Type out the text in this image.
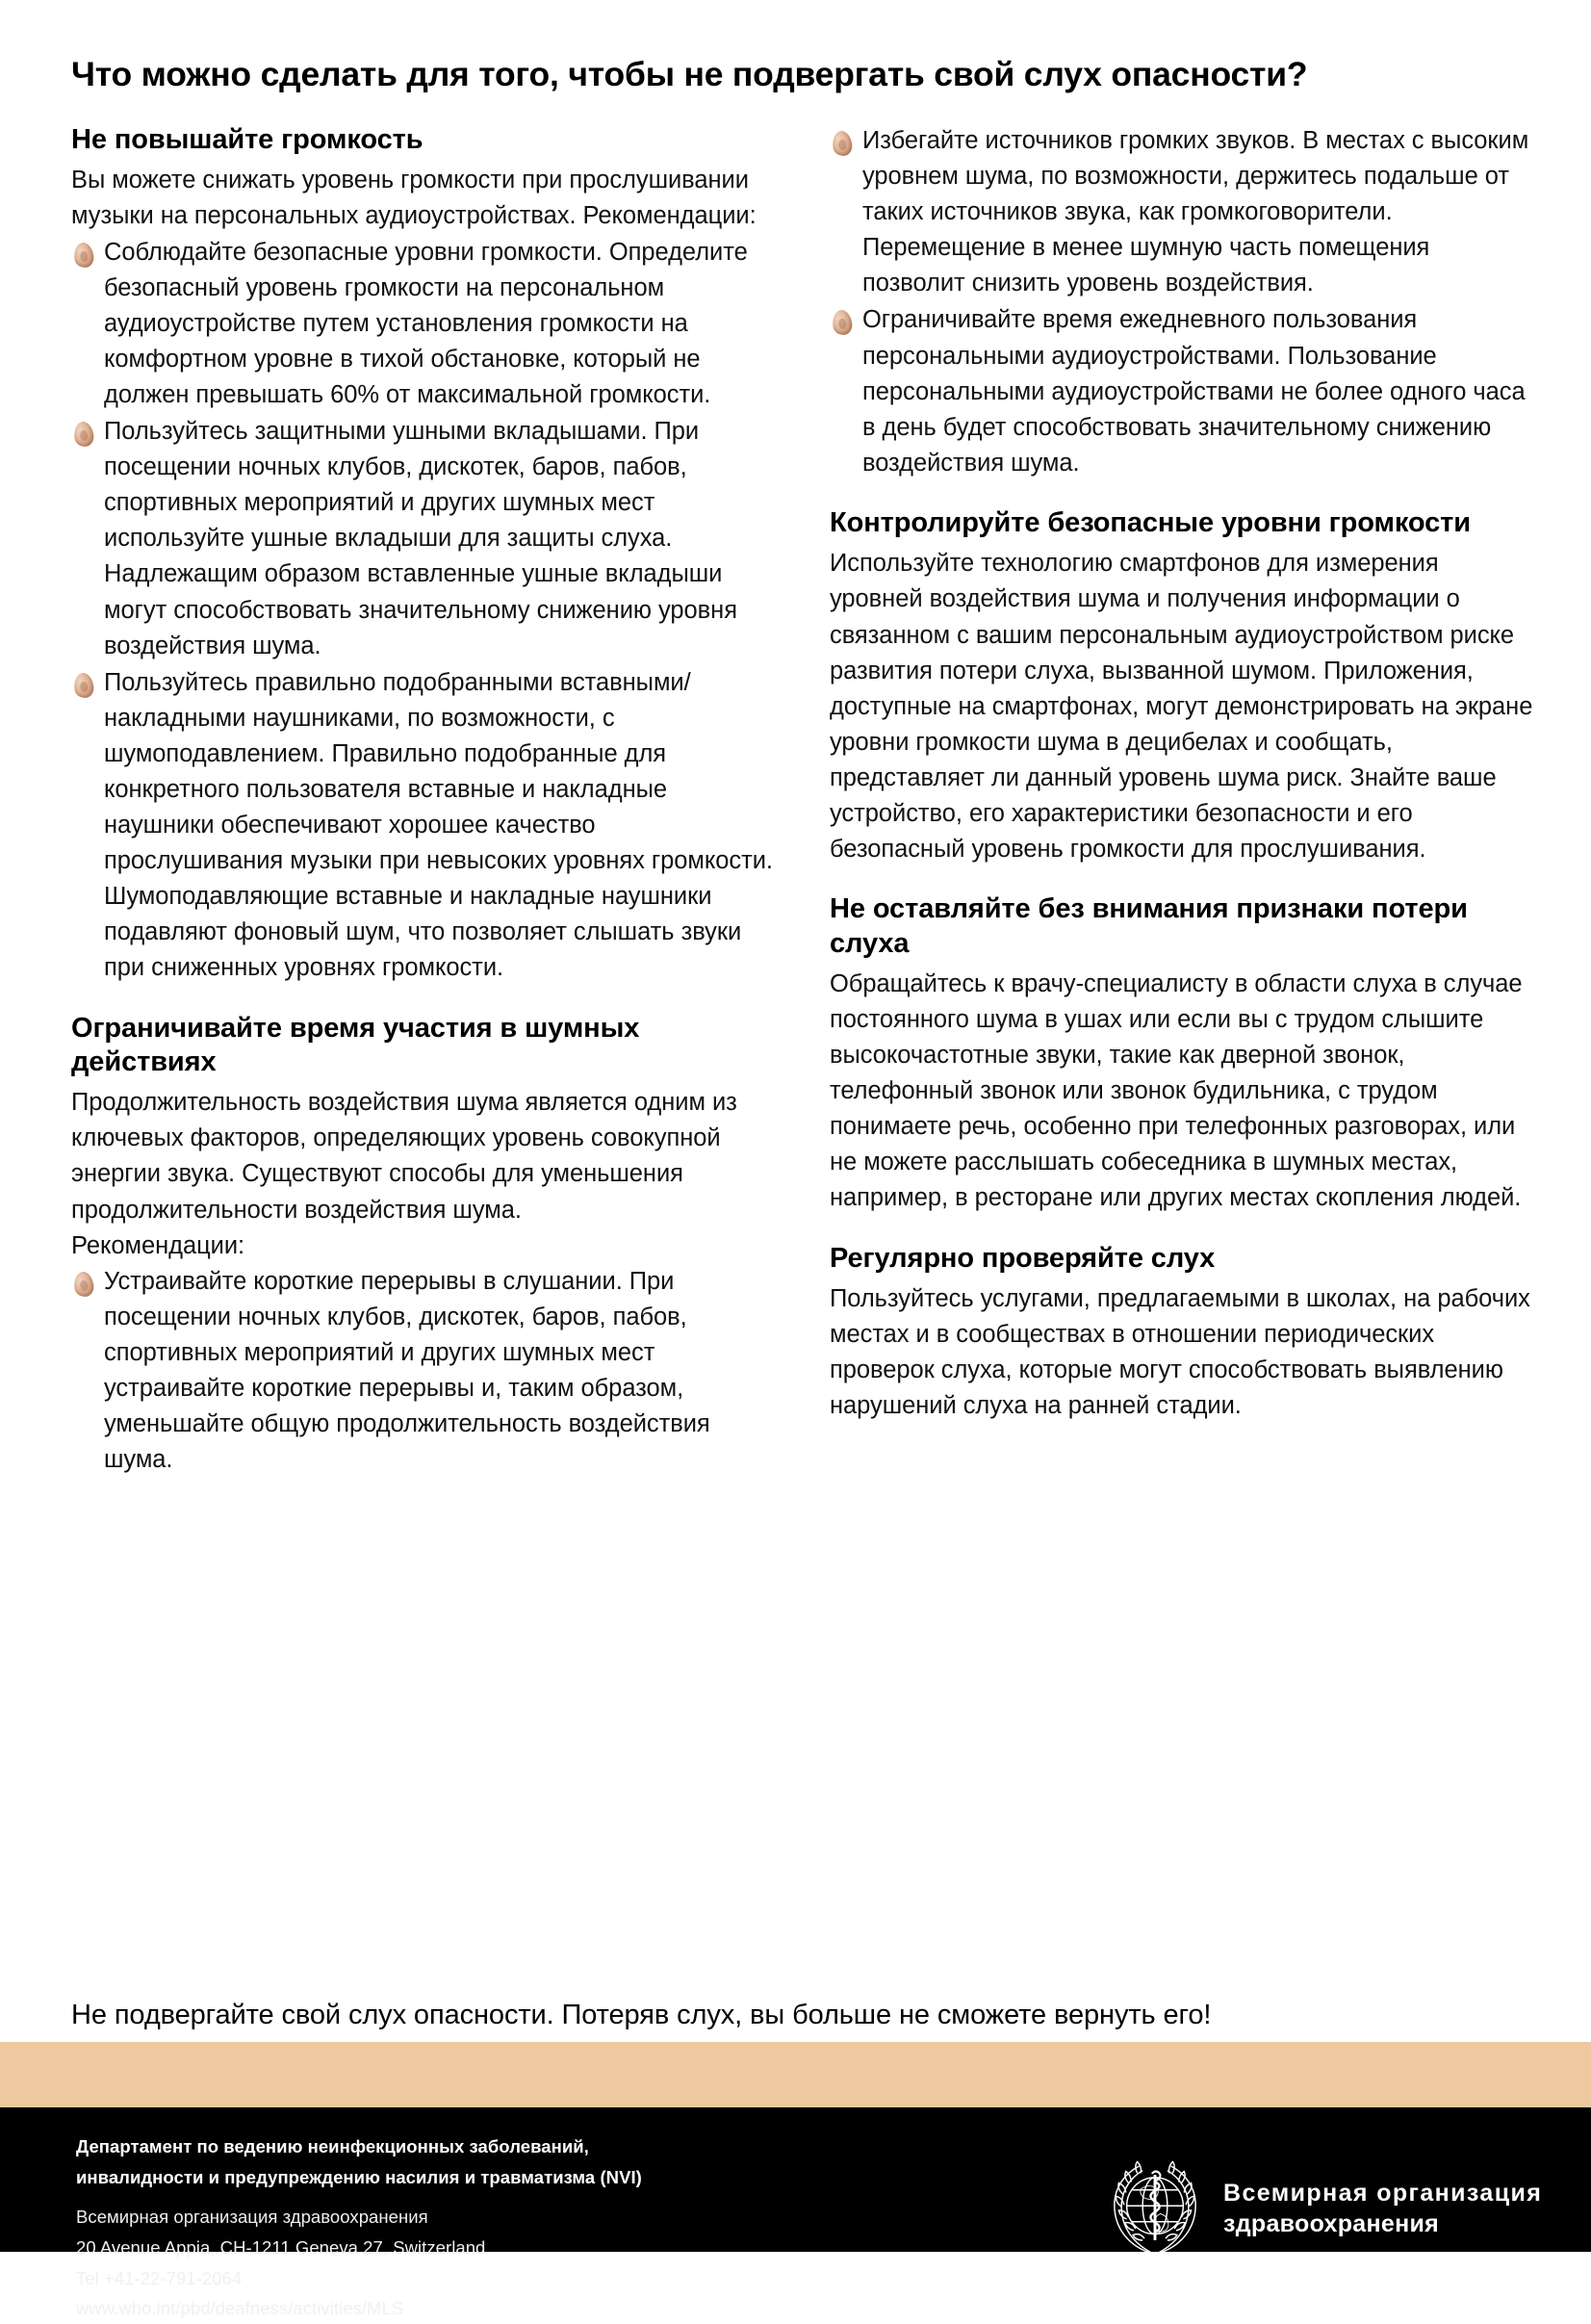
Что можно сделать для того, чтобы не подвергать свой слух опасности?
Не повышайте громкость

Вы можете снижать уровень громкости при прослушивании музыки на персональных аудиоустройствах. Рекомендации:

Соблюдайте безопасные уровни громкости. Определите безопасный уровень громкости на персональном аудиоустройстве путем установления громкости на комфортном уровне в тихой обстановке, который не должен превышать 60% от максимальной громкости.
Пользуйтесь защитными ушными вкладышами. При посещении ночных клубов, дискотек, баров, пабов, спортивных мероприятий и других шумных мест используйте ушные вкладыши для защиты слуха. Надлежащим образом вставленные ушные вкладыши могут способствовать значительному снижению уровня воздействия шума.
Пользуйтесь правильно подобранными вставными/накладными наушниками, по возможности, с шумоподавлением. Правильно подобранные для конкретного пользователя вставные и накладные наушники обеспечивают хорошее качество прослушивания музыки при невысоких уровнях громкости. Шумоподавляющие вставные и накладные наушники подавляют фоновый шум, что позволяет слышать звуки при сниженных уровнях громкости.
Ограничивайте время участия в шумных действиях

Продолжительность воздействия шума является одним из ключевых факторов, определяющих уровень совокупной энергии звука. Существуют способы для уменьшения продолжительности воздействия шума.

Рекомендации:

Устраивайте короткие перерывы в слушании. При посещении ночных клубов, дискотек, баров, пабов, спортивных мероприятий и других шумных мест устраивайте короткие перерывы и, таким образом, уменьшайте общую продолжительность воздействия шума.
Избегайте источников громких звуков. В местах с высоким уровнем шума, по возможности, держитесь подальше от таких источников звука, как громкоговорители. Перемещение в менее шумную часть помещения позволит снизить уровень воздействия.
Ограничивайте время ежедневного пользования персональными аудиоустройствами. Пользование персональными аудиоустройствами не более одного часа в день будет способствовать значительному снижению воздействия шума.
Контролируйте безопасные уровни громкости

Используйте технологию смартфонов для измерения уровней воздействия шума и получения информации о связанном с вашим персональным аудиоустройством риске развития потери слуха, вызванной шумом. Приложения, доступные на смартфонах, могут демонстрировать на экране уровни громкости шума в децибелах и сообщать, представляет ли данный уровень шума риск. Знайте ваше устройство, его характеристики безопасности и его безопасный уровень громкости для прослушивания.

Не оставляйте без внимания признаки потери слуха

Обращайтесь к врачу-специалисту в области слуха в случае постоянного шума в ушах или если вы с трудом слышите высокочастотные звуки, такие как дверной звонок, телефонный звонок или звонок будильника, с трудом понимаете речь, особенно при телефонных разговорах, или

не можете расслышать собеседника в шумных местах, например, в ресторане или других местах скопления людей.

Регулярно проверяйте слух

Пользуйтесь услугами, предлагаемыми в школах, на рабочих местах и в сообществах в отношении периодических проверок слуха, которые могут способствовать выявлению нарушений слуха на ранней стадии.

Не подвергайте свой слух опасности. Потеряв слух, вы больше не сможете вернуть его!
Департамент по ведению неинфекционных заболеваний,
инвалидности и предупреждению насилия и травматизма (NVI)
Всемирная организация здравоохранения
20 Avenue Appia, CH-1211 Geneva 27, Switzerland
Tel +41-22-791-2064
www.who.int/pbd/deafness/activities/MLS
Всемирная организация
здравоохранения
